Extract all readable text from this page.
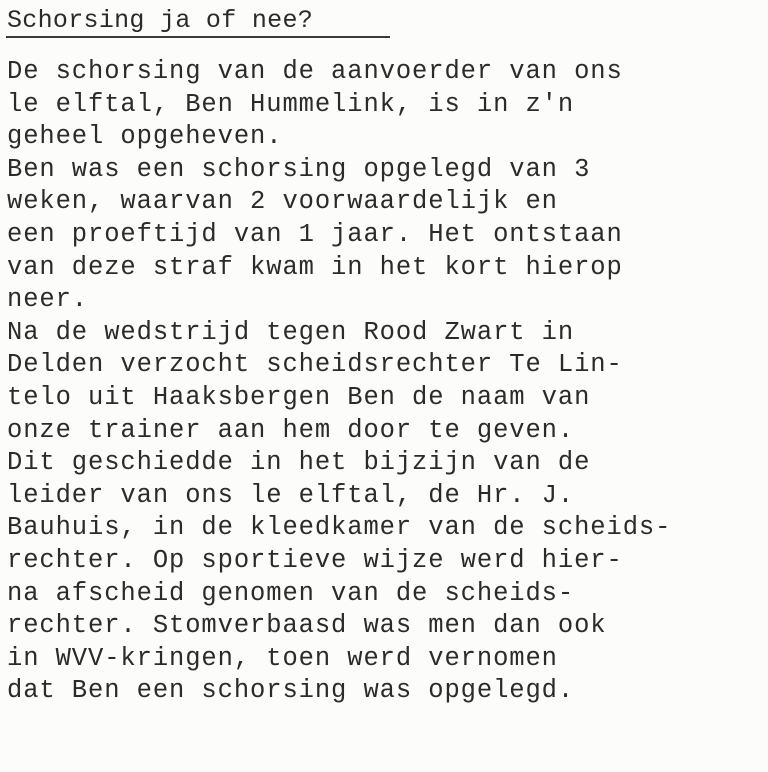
Schorsing ja of nee?
De schorsing van de aanvoerder van ons
le elftal, Ben Hummelink, is in z'n
geheel opgeheven.
Ben was een schorsing opgelegd van 3
weken, waarvan 2 voorwaardelijk en
een proeftijd van 1 jaar. Het ontstaan
van deze straf kwam in het kort hierop
neer.
Na de wedstrijd tegen Rood Zwart in
Delden verzocht scheidsrechter Te Lin-
telo uit Haaksbergen Ben de naam van
onze trainer aan hem door te geven.
Dit geschiedde in het bijzijn van de
leider van ons le elftal, de Hr. J.
Bauhuis, in de kleedkamer van de scheids-
rechter. Op sportieve wijze werd hier-
na afscheid genomen van de scheids-
rechter. Stomverbaasd was men dan ook
in WVV-kringen, toen werd vernomen
dat Ben een schorsing was opgelegd.
